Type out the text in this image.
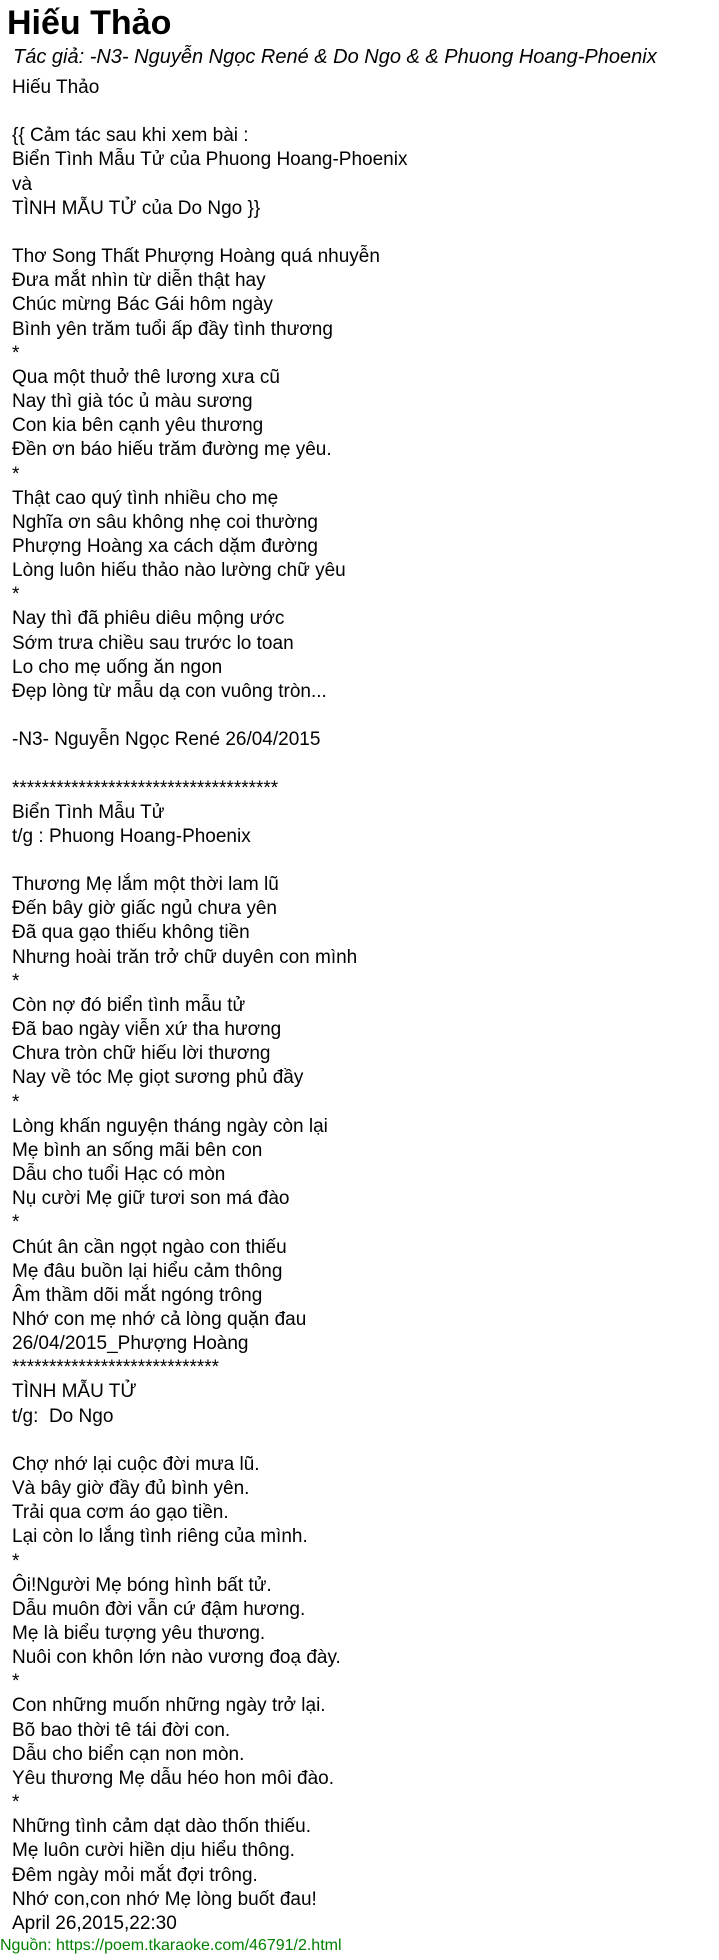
Hiếu Thảo
Tác giả: -N3- Nguyễn Ngọc René & Do Ngo & & Phuong Hoang-Phoenix
Hiếu Thảo

{{ Cảm tác sau khi xem bài :
Biển Tình Mẫu Tử của Phuong Hoang-Phoenix
và
TÌNH MẪU TỬ của Do Ngo }}

Thơ Song Thất Phượng Hoàng quá nhuyễn
Đưa mắt nhìn từ diễn thật hay
Chúc mừng Bác Gái hôm ngày
Bình yên trăm tuổi ấp đầy tình thương
*
Qua một thuở thê lương xưa cũ
Nay thì già tóc ủ màu sương
Con kia bên cạnh yêu thương
Đền ơn báo hiếu trăm đường mẹ yêu.
*
Thật cao quý tình nhiều cho mẹ
Nghĩa ơn sâu không nhẹ coi thường
Phượng Hoàng xa cách dặm đường
Lòng luôn hiếu thảo nào lường chữ yêu
*
Nay thì đã phiêu diêu mộng ước
Sớm trưa chiều sau trước lo toan
Lo cho mẹ uống ăn ngon
Đẹp lòng từ mẫu dạ con vuông tròn...

-N3- Nguyễn Ngọc René 26/04/2015

************************************
Biển Tình Mẫu Tử
t/g : Phuong Hoang-Phoenix

Thương Mẹ lắm một thời lam lũ
Đến bây giờ giấc ngủ chưa yên
Đã qua gạo thiếu không tiền
Nhưng hoài trăn trở chữ duyên con mình
*
Còn nợ đó biển tình mẫu tử
Đã bao ngày viễn xứ tha hương
Chưa tròn chữ hiếu lời thương
Nay về tóc Mẹ giọt sương phủ đầy
*
Lòng khấn nguyện tháng ngày còn lại
Mẹ bình an sống mãi bên con
Dẫu cho tuổi Hạc có mòn
Nụ cười Mẹ giữ tươi son má đào
*
Chút ân cần ngọt ngào con thiếu
Mẹ đâu buồn lại hiểu cảm thông
Âm thầm dõi mắt ngóng trông
Nhớ con mẹ nhớ cả lòng quặn đau
26/04/2015_Phượng Hoàng
****************************
TÌNH MẪU TỬ
t/g:  Do Ngo

Chợ nhớ lại cuộc đời mưa lũ.
Và bây giờ đầy đủ bình yên.
Trải qua cơm áo gạo tiền.
Lại còn lo lắng tình riêng của mình.
*
Ôi!Người Mẹ bóng hình bất tử.
Dẫu muôn đời vẫn cứ đậm hương.
Mẹ là biểu tượng yêu thương.
Nuôi con khôn lớn nào vương đoạ đày.
*
Con những muốn những ngày trở lại.
Bõ bao thời tê tái đời con.
Dẫu cho biển cạn non mòn.
Yêu thương Mẹ dẫu héo hon môi đào.
*
Những tình cảm dạt dào thốn thiếu.
Mẹ luôn cười hiền dịu hiểu thông.
Đêm ngày mỏi mắt đợi trông.
Nhớ con,con nhớ Mẹ lòng buốt đau!
April 26,2015,22:30
Nguồn: https://poem.tkaraoke.com/46791/2.html
